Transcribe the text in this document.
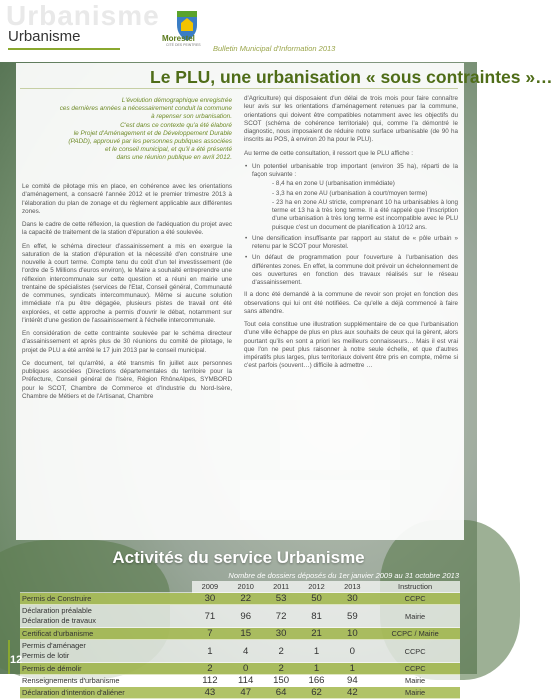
Urbanisme
Urbanisme	Morestel
CITÉ DES PEINTRES Bulletin Municipal d'Information 2013
Le PLU, une urbanisation « sous contraintes »…
L'évolution démographique enregistrée
ces dernières années a nécessairement conduit la commune
à repenser son urbanisation.
C'est dans ce contexte qu'a été élaboré
le Projet d'Aménagement et de Développement Durable
(PADD), approuvé par les personnes publiques associées
et le conseil municipal, et qu'il a été présenté
dans une réunion publique en avril 2012.

Le comité de pilotage mis en place, en cohérence avec les orientations d'aménagement, a consacré l'année 2012 et le premier trimestre 2013 à l'élaboration du plan de zonage et du règlement applicable aux différentes zones.

Dans le cadre de cette réflexion, la question de l'adéquation du projet avec la capacité de traitement de la station d'épuration a été soulevée.

En effet, le schéma directeur d'assainissement a mis en exergue la saturation de la station d'épuration et la nécessité d'en construire une nouvelle à court terme. Compte tenu du coût d'un tel investissement (de l'ordre de 5 Millions d'euros environ), le Maire a souhaité entreprendre une réflexion intercommunale sur cette question et a réuni en mairie une trentaine de spécialistes (services de l'Etat, Conseil général, Communauté de communes, syndicats intercommunaux). Même si aucune solution immédiate n'a pu être dégagée, plusieurs pistes de travail ont été explorées, et cette approche a permis d'ouvrir le débat, notamment sur l'intérêt d'une gestion de l'assainissement à l'échelle intercommunale.

En considération de cette contrainte soulevée par le schéma directeur d'assainissement et après plus de 30 réunions du comité de pilotage, le projet de PLU a été arrêté le 17 juin 2013 par le conseil municipal.

Ce document, tel qu'arrêté, a été transmis fin juillet aux personnes publiques associées (Directions départementales du territoire pour la Préfecture, Conseil général de l'Isère, Région RhôneAlpes, SYMBORD pour le SCOT, Chambre de Commerce et d'Industrie du Nord-Isère, Chambre de Métiers et de l'Artisanat, Chambre

d'Agriculture) qui disposaient d'un délai de trois mois pour faire connaître leur avis sur les orientations d'aménagement retenues par la commune, orientations qui doivent être compatibles notamment avec les objectifs du SCOT (schéma de cohérence territoriale) qui, comme l'a démontré le diagnostic, nous imposaient de réduire notre surface urbanisable (de 90 ha inscrits au POS, à environ 20 ha pour le PLU).

Au terme de cette consultation, il ressort que le PLU affiche :

• Un potentiel urbanisable trop important (environ 35 ha), réparti de la façon suivante :
- 8,4 ha en zone U (urbanisation immédiate)
- 3,3 ha en zone AU (urbanisation à court/moyen terme)
- 23 ha en zone AU stricte, comprenant 10 ha urbanisables à long terme et 13 ha à très long terme. Il a été rappelé que l'inscription d'une urbanisation à très long terme est incompatible avec le PLU puisque c'est un document de planification à 10/12 ans.
• Une densification insuffisante par rapport au statut de « pôle urbain » retenu par le SCOT pour Morestel.
• Un défaut de programmation pour l'ouverture à l'urbanisation des différentes zones. En effet, la commune doit prévoir un échelonnement de ces ouvertures en fonction des travaux réalisés sur le réseau d'assainissement.

Il a donc été demandé à la commune de revoir son projet en fonction des observations qui lui ont été notifiées. Ce qu'elle a déjà commencé à faire sans attendre.

Tout cela constitue une illustration supplémentaire de ce que l'urbanisation d'une ville échappe de plus en plus aux souhaits de ceux qui la gèrent, alors pourtant qu'ils en sont a priori les meilleurs connaisseurs… Mais il est vrai que l'on ne peut plus raisonner à notre seule échelle, et que d'autres impératifs plus larges, plus territoriaux doivent être pris en compte, même si c'est parfois (souvent…) difficile à admettre …

Activités du service Urbanisme
Nombre de dossiers déposés du 1er janvier 2009 au 31 octobre 2013
	2009	2010	2011	2012	2013	Instruction

Permis de Construire	30	22	53	50	30	CCPC

Déclaration préalable
Déclaration de travaux	71	96	72	81	59	Mairie

Certificat d'urbanisme	7	15	30	21	10	CCPC / Mairie

Permis d'aménager
Permis de lotir	1	4	2	1	0	CCPC

Permis de démolir	2	0	2	1	1	CCPC

Renseignements d'urbanisme	112	114	150	166	94	Mairie

Déclaration d'intention d'aliéner	43	47	64	62	42	Mairie
12
